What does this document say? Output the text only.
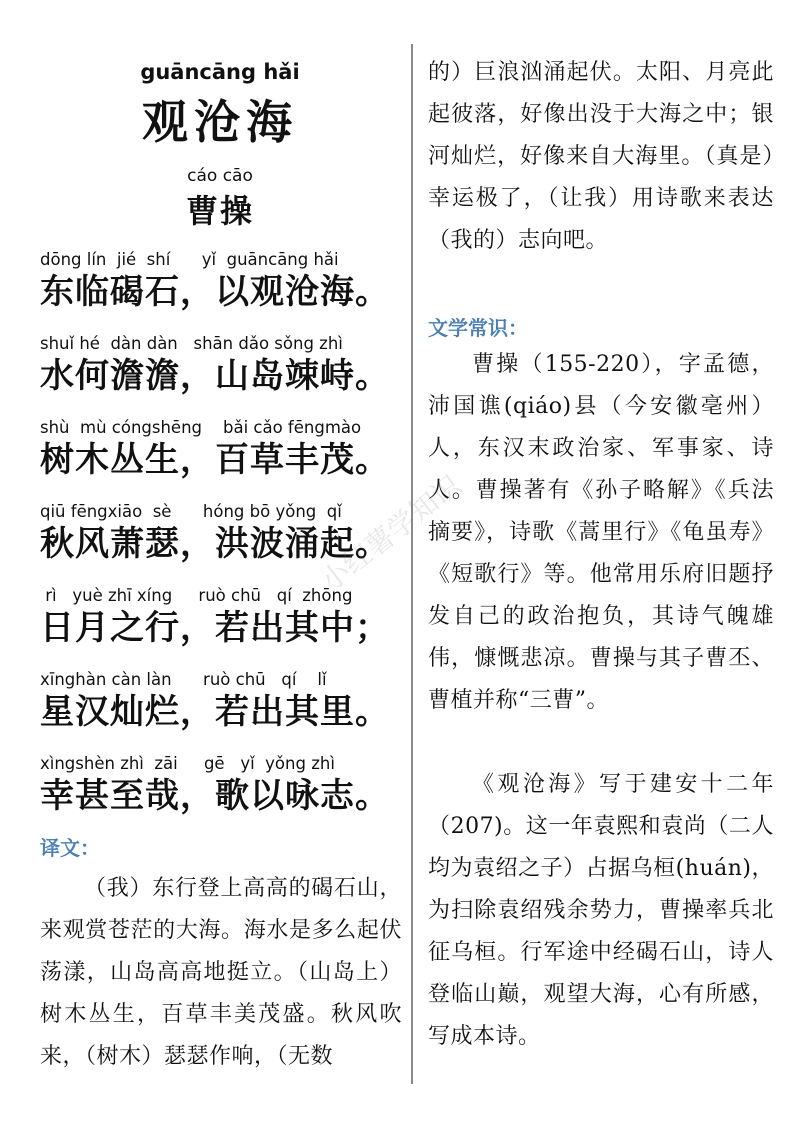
guāncāng hǎi
观沧海
cáo cāo
曹操
dōng lín  jié  shí      yǐ  guāncāng hǎi
东临碣石，以观沧海。
shuǐ hé  dàn dàn   shān dǎo sǒng zhì
水何澹澹，山岛竦峙。
shù  mù cóngshēng    bǎi cǎo fēngmào
树木丛生，百草丰茂。
qiū fēngxiāo  sè      hóng bō yǒng  qǐ
秋风萧瑟，洪波涌起。
rì   yuè zhī xíng     ruò chū   qí  zhōng
日月之行，若出其中；
xīnghàn càn làn      ruò chū   qí    lǐ
星汉灿烂，若出其里。
xìngshèn zhì  zāi     gē   yǐ  yǒng zhì
幸甚至哉，歌以咏志。
译文：
（我）东行登上高高的碣石山，来观赏苍茫的大海。海水是多么起伏荡漾，山岛高高地挺立。（山岛上）树木丛生，百草丰美茂盛。秋风吹来，（树木）瑟瑟作响，（无数
的）巨浪汹涌起伏。太阳、月亮此起彼落，好像出没于大海之中；银河灿烂，好像来自大海里。（真是）幸运极了，（让我）用诗歌来表达（我的）志向吧。
文学常识：
曹操（155-220），字孟德，沛国谯(qiáo)县（今安徽亳州）人，东汉末政治家、军事家、诗人。曹操著有《孙子略解》《兵法摘要》，诗歌《蒿里行》《龟虽寿》《短歌行》等。他常用乐府旧题抒发自己的政治抱负，其诗气魄雄伟，慷慨悲凉。曹操与其子曹丕、曹植并称“三曹”。
《观沧海》写于建安十二年（207)。这一年袁熙和袁尚（二人均为袁绍之子）占据乌桓(huán)，为扫除袁绍残余势力，曹操率兵北征乌桓。行军途中经碣石山，诗人登临山巅，观望大海，心有所感，写成本诗。
小红薯学知识
